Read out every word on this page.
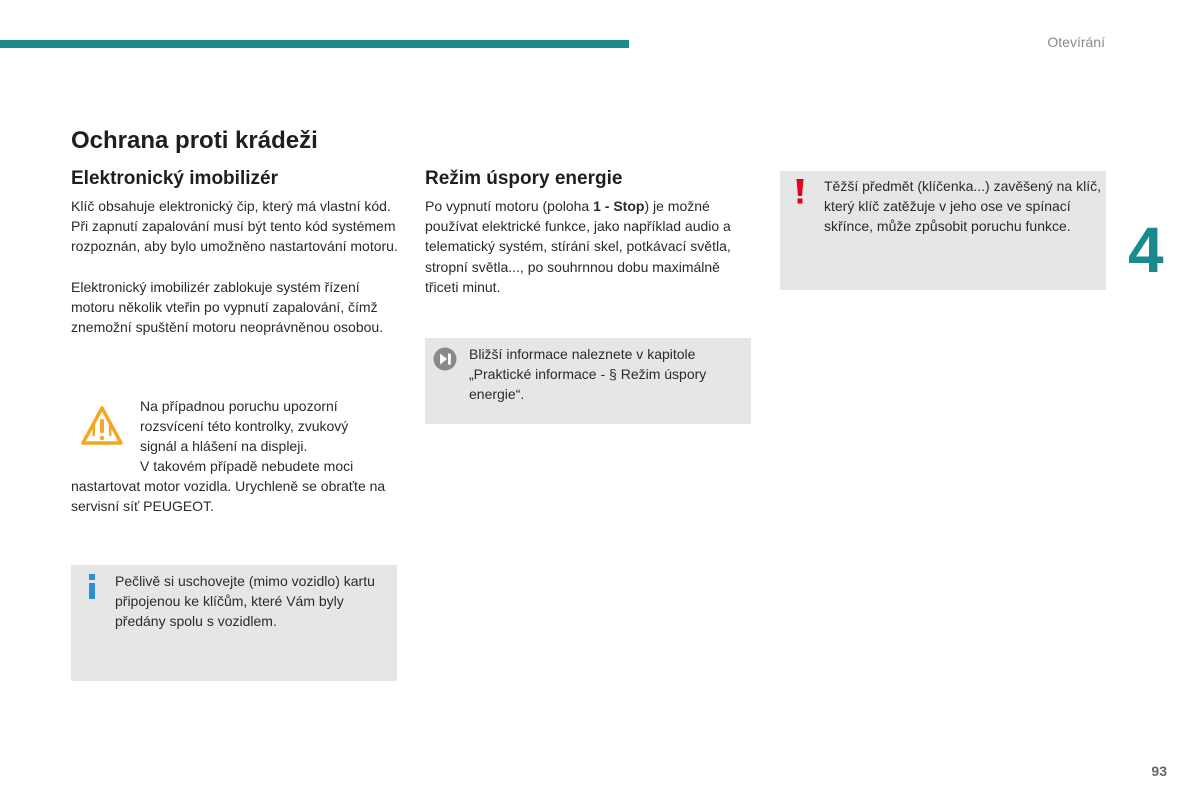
Otevírání
4
Ochrana proti krádeži
Elektronický imobilizér

Klíč obsahuje elektronický čip, který má vlastní kód. Při zapnutí zapalování musí být tento kód systémem rozpoznán, aby bylo umožněno nastartování motoru.

Elektronický imobilizér zablokuje systém řízení motoru několik vteřin po vypnutí zapalování, čímž znemožní spuštění motoru neoprávněnou osobou.

Na případnou poruchu upozorní rozsvícení této kontrolky, zvukový signál a hlášení na displeji.

V takovém případě nebudete moci nastartovat motor vozidla. Urychleně se obraťte na servisní síť PEUGEOT.

Pečlivě si uschovejte (mimo vozidlo) kartu připojenou ke klíčům, které Vám byly předány spolu s vozidlem.

Režim úspory energie

Po vypnutí motoru (poloha 1 - Stop) je možné používat elektrické funkce, jako například audio a telematický systém, stírání skel, potkávací světla, stropní světla..., po souhrnnou dobu maximálně třiceti minut.

Bližší informace naleznete v kapitole „Praktické informace - § Režim úspory energie“.

Těžší předmět (klíčenka...) zavěšený na klíč, který klíč zatěžuje v jeho ose ve spínací skřínce, může způsobit poruchu funkce.

93
